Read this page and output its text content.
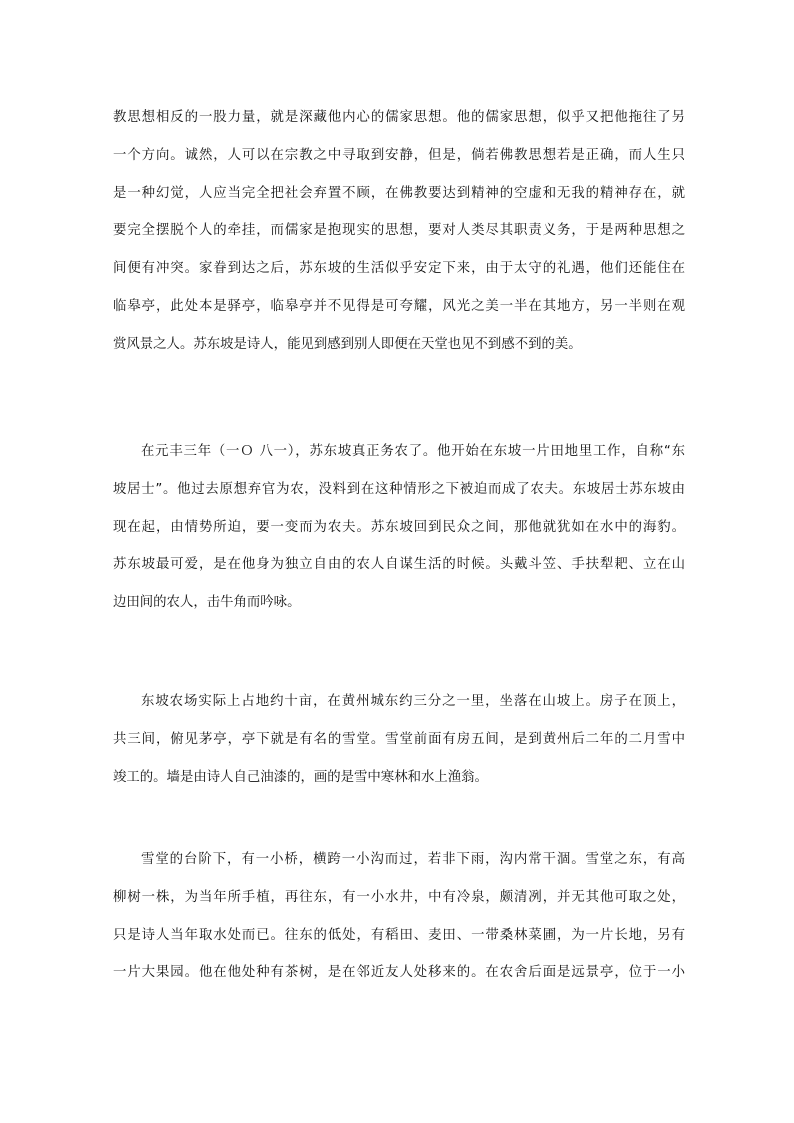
教思想相反的一股力量，就是深藏他内心的儒家思想。他的儒家思想，似乎又把他拖往了另
一个方向。诚然，人可以在宗教之中寻取到安静，但是，倘若佛教思想若是正确，而人生只
是一种幻觉，人应当完全把社会弃置不顾，在佛教要达到精神的空虚和无我的精神存在，就
要完全摆脱个人的牵挂，而儒家是抱现实的思想，要对人类尽其职责义务，于是两种思想之
间便有冲突。家眷到达之后，苏东坡的生活似乎安定下来，由于太守的礼遇，他们还能住在
临皋亭，此处本是驿亭，临皋亭并不见得是可夸耀，风光之美一半在其地方，另一半则在观
赏风景之人。苏东坡是诗人，能见到感到别人即便在天堂也见不到感不到的美。
在元丰三年（一Ｏ 八一），苏东坡真正务农了。他开始在东坡一片田地里工作，自称“东
坡居士”。他过去原想弃官为农，没料到在这种情形之下被迫而成了农夫。东坡居士苏东坡由
现在起，由情势所迫，要一变而为农夫。苏东坡回到民众之间，那他就犹如在水中的海豹。
苏东坡最可爱，是在他身为独立自由的农人自谋生活的时候。头戴斗笠、手扶犁耙、立在山
边田间的农人，击牛角而吟咏。
东坡农场实际上占地约十亩，在黄州城东约三分之一里，坐落在山坡上。房子在顶上，
共三间，俯见茅亭，亭下就是有名的雪堂。雪堂前面有房五间，是到黄州后二年的二月雪中
竣工的。墙是由诗人自己油漆的，画的是雪中寒林和水上渔翁。
雪堂的台阶下，有一小桥，横跨一小沟而过，若非下雨，沟内常干涸。雪堂之东，有高
柳树一株，为当年所手植，再往东，有一小水井，中有冷泉，颇清冽，并无其他可取之处，
只是诗人当年取水处而已。往东的低处，有稻田、麦田、一带桑林菜圃，为一片长地，另有
一片大果园。他在他处种有茶树，是在邻近友人处移来的。在农舍后面是远景亭，位于一小
